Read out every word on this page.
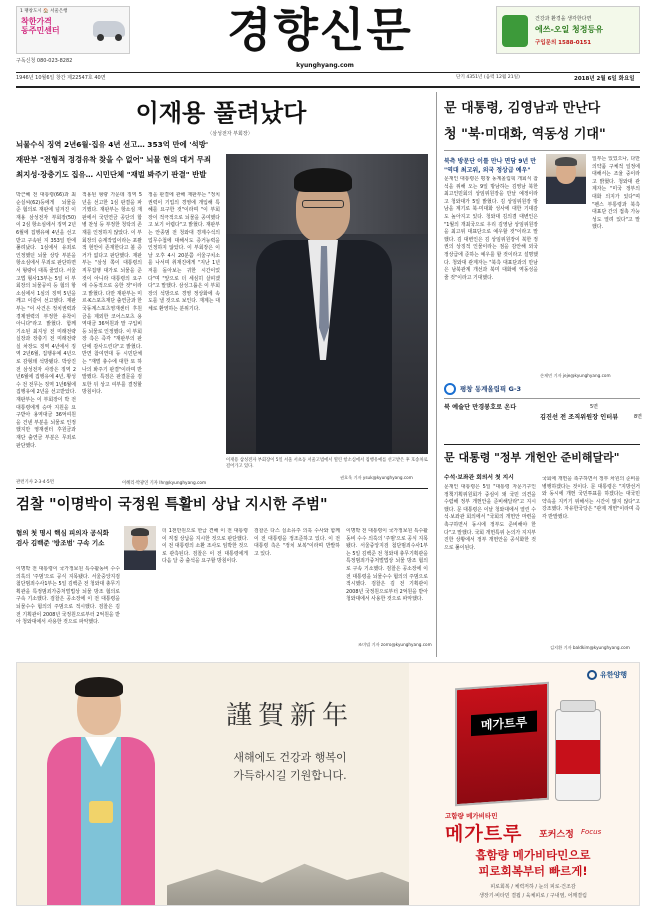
1 팽창도시 🏠 서울은행
착한가격
동주민센터
구독신청 080-023-8282
경향신문
kyunghyang.com
건강과 환경을 생각한다면
에쓰-오일 청정등유
구입문의 1588-0151
1946년 10월6일 창간 제22547호 40면	단기 4351년 (음력 12월 21일)	2018년 2월 6일 화요일
이재용 풀려났다
〈삼성전자 부회장〉
뇌물수식 징역 2년6월·집유 4년 선고… 353억 만에 '석방'
재판부 "전형적 정경유착 찾을 수 없어" 뇌물 현의 대거 무죄
최지성·장충기도 집유… 시민단체 "재벌 봐주기 판결" 반발
박근혜 전 대통령(66)과 최순실씨(62)등에게 뇌물을 준 혐의로 재판에 넘겨진 이재용 삼성전자 부회장(50)이 2심 항소심에서 징역 2년6월에 집행유예 4년을 선고받고 구속된 지 353일 만에 풀려났다. 1심에서 유죄로 인정했던 뇌물 상당 부분을 항소심에서 무죄로 판단하면서 형량이 대폭 줄었다. 서울고법 형사13부는 5일 이 부회장의 뇌물공여 등 혐의 항소심에서 1심의 징역 5년을 깨고 이같이 선고했다. 재판부는 "이 사건은 정치권력과 경제권력의 부정한 유착이 아니다"라고 밝혔다. 함께 기소된 최지성 전 미래전략실장과 장충기 전 미래전략실 차장도 징역 4년에서 징역 2년6월, 집행유예 4년으로 감형돼 석방됐다. 박상진 전 삼성전자 사장은 징역 2년6월에 집행유예 4년, 황성수 전 전무는 징역 1년6월에 집행유예 2년을 선고받았다. 재판부는 이 부회장이 박 전 대통령에게 승마 지원을 요구받아 용역대금 36억여원을 건넨 부분을 뇌물로 인정했지만 영재센터 후원금과 재단 출연금 부분은 무죄로 판단했다.
관련기사 2·3·4·5면
적용된 형량 가운데 징역 5년을 선고한 1심 판결을 파기했다. 재판부는 항소심 재판에서 국민연금 공단의 합병 찬성 등 부정한 청탁의 존재를 인정하지 않았다. 이 부회장의 승계작업이라는 포괄적 현안이 존재한다고 볼 증거가 없다고 판단했다. 재판부는 "삼성 쪽이 대통령의 직무집행 대가로 뇌물을 준 것이 아니라 대통령의 요구에 수동적으로 응한 것"이라고 밝혔다. 다만 재판부는 미르·K스포츠재단 출연금과 한국동계스포츠영재센터 후원금을 제외한 코어스포츠 용역대금 36억원과 말 구입비 등 뇌물로 인정했다. 이 부회장 측은 즉각 "재판부의 판단에 감사드린다"고 밝혔다. 반면 참여연대 등 시민단체는 "재벌 총수에 대한 또 하나의 봐주기 판결"이라며 반발했다. 특검은 판결문을 검토한 뒤 상고 여부를 결정할 방침이다.
정을 판결에 관해 재판부는 "정치권력이 기업의 경영에 개입해 특혜를 요구한 것"이라며 "이 부회장이 적극적으로 뇌물을 공여했다고 보기 어렵다"고 밝혔다. 재판부는 안종범 전 청와대 경제수석의 업무수첩에 대해서도 증거능력을 인정하지 않았다. 이 부회장은 이날 오후 4시 20분쯤 서울구치소를 나서며 취재진에게 "지난 1년 저를 돌아보는 귀한 시간이었다"며 "앞으로 더 세심히 살피겠다"고 말했다. 삼성그룹은 이 부회장의 석방으로 경영 정상화에 속도를 낼 것으로 보인다. 재계는 대체로 환영하는 분위기다.
이혜리·박광연 기자 lhr@kyunghyang.com
이재용 삼성전자 부회장이 5일 서울 서초동 서울고법에서 열린 항소심에서 집행유예를 선고받은 후 호송차로 걸어가고 있다.
권호욱 기자 ysuk@kyunghyang.com
문 대통령, 김영남과 만난다
청 "북·미대화, 역동성 기대"
북측 방문단 이틀 만나 면담 9년 만
"역대 최고위, 외국 정상급 예우"
문재인 대통령은 평창 동계올림픽 개회식 참석을 위해 오는 9일 방남하는 김영남 북한 최고인민회의 상임위원장을 만날 예정이라고 청와대가 5일 밝혔다. 김 상임위원장 방남을 계기로 북·미대화 성사에 대한 기대감도 높아지고 있다. 청와대 김의겸 대변인은 "1월의 개최국으로 우리 김영남 상임위원장을 최고위 대표단으로 예우할 것"이라고 말했다. 김 대변인은 김 상임위원장이 북한 정권의 상징적 인물이라는 점을 감안해 외국 정상급에 준하는 예우를 할 것이라고 설명했다. 청와대 관계자는 "북측 대표단과의 만남은 남북관계 개선과 북미 대화에 역동성을 줄 것"이라고 기대했다.
일부는 있었으나, 다만 의약품 구체적 일정에 대해서는 조율 중이라고 밝혔다. 청와대 관계자는 "미국 정부의 대화 의지가 있다"며 "펜스 부통령과 북측 대표단 간의 접촉 가능성도 열려 있다"고 말했다.
손제민 기자 jeje@kyunghyang.com
평창 동계올림픽 G-3
북 예술단 만경봉호로 온다	5면
김진선 전 조직위원장 인터뷰	8면
문 대통령 "정부 개헌안 준비해달라"
수석·보좌관 회의서 첫 지시
문재인 대통령은 5일 "대통령 자문기구인 정책기획위원회가 중심이 돼 국민 의견을 수렴해 정부 개헌안을 준비해달라"고 지시했다. 문 대통령은 이날 청와대에서 열린 수석·보좌관 회의에서 "국회의 개헌안 마련을 촉구하면서 동시에 정부도 준비해야 한다"고 말했다. 국회 개헌특위 논의가 지지부진한 상황에서 정부 개헌안을 공식화한 것으로 풀이된다.
국회에 개헌을 촉구하면서 정부 차원의 준비를 병행하겠다는 것이다. 문 대통령은 "지방선거와 동시에 개헌 국민투표를 하겠다는 대국민 약속을 지키기 위해서는 시간이 많지 않다"고 강조했다. 자유한국당은 "관제 개헌"이라며 즉각 반발했다.
김지환 기자 baldkim@kyunghyang.com
검찰 "이명박이 국정원 특활비 상납 지시한 주범"
혐의 첫 명시 핵심 피의자 공식화
검사 김백준 '방조범' 구속 기소
이명박 전 대통령이 국가정보원 특수활동비 수수 의혹의 '주범'으로 공식 지목됐다. 서울중앙지검 첨단범죄수사1부는 5일 김백준 전 청와대 총무기획관을 특정범죄가중처벌법상 뇌물 방조 혐의로 구속 기소했다. 검찰은 공소장에 이 전 대통령을 뇌물수수 혐의의 주범으로 적시했다. 검찰은 김 전 기획관이 2008년 국정원으로부터 2억원을 받아 청와대에서 사용한 것으로 파악했다.
더 1천만원으로 한급 견해 이 전 대통령이 직접 상납을 지시한 것으로 판단했다. 이 전 대통령의 소환 조사도 임박한 것으로 관측된다. 검찰은 이 전 대통령에게 다음 달 중 출석을 요구할 방침이다.
검찰은 다스 실소유주 의혹 수사와 함께 이 전 대통령을 정조준하고 있다. 이 전 대통령 측은 "정치 보복"이라며 반발하고 있다.
이명박 전 대통령이 국가정보원 특수활동비 수수 의혹의 '주범'으로 공식 지목됐다. 서울중앙지검 첨단범죄수사1부는 5일 김백준 전 청와대 총무기획관을 특정범죄가중처벌법상 뇌물 방조 혐의로 구속 기소했다. 검찰은 공소장에 이 전 대통령을 뇌물수수 혐의의 주범으로 적시했다. 검찰은 김 전 기획관이 2008년 국정원으로부터 2억원을 받아 청와대에서 사용한 것으로 파악했다.
조미덥 기자 zorro@kyunghyang.com
謹賀新年
새해에도 건강과 행복이
가득하시길 기원합니다.
유한양행
메가트루
고함량 메가비타민
메가트루 포커스정 Focus
흡함량 메가비타민으로
피로회복부터 빠르게!
피로회복 / 체력저하 / 눈의 피로·건조감
생장기·비타민 결핍 / 육체피로 / 구내염, 어깨결림
